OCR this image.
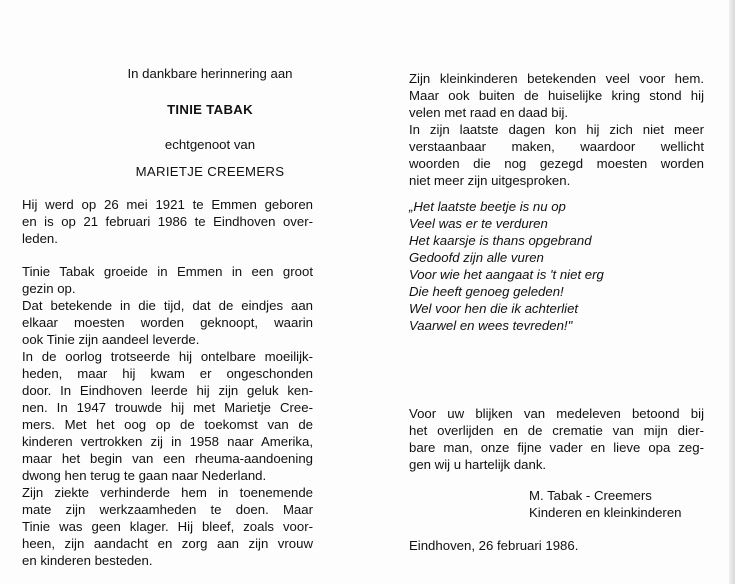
In dankbare herinnering aan
TINIE TABAK
echtgenoot van
MARIETJE CREEMERS
Hij werd op 26 mei 1921 te Emmen geboren
en is op 21 februari 1986 te Eindhoven over-
leden.
Tinie Tabak groeide in Emmen in een groot
gezin op.
Dat betekende in die tijd, dat de eindjes aan
elkaar moesten worden geknoopt, waarin
ook Tinie zijn aandeel leverde.
In de oorlog trotseerde hij ontelbare moeilijk-
heden, maar hij kwam er ongeschonden
door. In Eindhoven leerde hij zijn geluk ken-
nen. In 1947 trouwde hij met Marietje Cree-
mers. Met het oog op de toekomst van de
kinderen vertrokken zij in 1958 naar Amerika,
maar het begin van een rheuma-aandoening
dwong hen terug te gaan naar Nederland.
Zijn ziekte verhinderde hem in toenemende
mate zijn werkzaamheden te doen. Maar
Tinie was geen klager. Hij bleef, zoals voor-
heen, zijn aandacht en zorg aan zijn vrouw
en kinderen besteden.
Zijn kleinkinderen betekenden veel voor hem.
Maar ook buiten de huiselijke kring stond hij
velen met raad en daad bij.
In zijn laatste dagen kon hij zich niet meer
verstaanbaar maken, waardoor wellicht
woorden die nog gezegd moesten worden
niet meer zijn uitgesproken.
„Het laatste beetje is nu op
Veel was er te verduren
Het kaarsje is thans opgebrand
Gedoofd zijn alle vuren
Voor wie het aangaat is 't niet erg
Die heeft genoeg geleden!
Wel voor hen die ik achterliet
Vaarwel en wees tevreden!"
Voor uw blijken van medeleven betoond bij
het overlijden en de crematie van mijn dier-
bare man, onze fijne vader en lieve opa zeg-
gen wij u hartelijk dank.
M. Tabak - Creemers
Kinderen en kleinkinderen
Eindhoven, 26 februari 1986.
